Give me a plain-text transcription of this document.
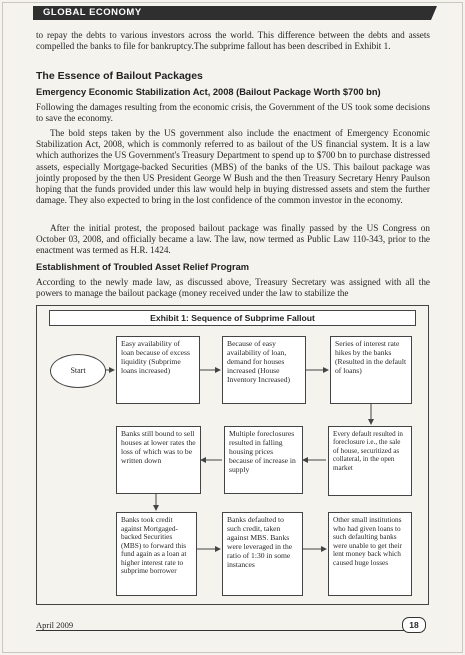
GLOBAL ECONOMY

to repay the debts to various investors across the world. This difference between the debts and assets compelled the banks to file for bankruptcy.The subprime fallout has been described in Exhibit 1.

The Essence of Bailout Packages
Emergency Economic Stabilization Act, 2008 (Bailout Package Worth $700 bn)

Following the damages resulting from the economic crisis, the Government of the US took some decisions to save the economy.

The bold steps taken by the US government also include the enactment of Emergency Economic Stabilization Act, 2008, which is commonly referred to as bailout of the US financial system. It is a law which authorizes the US Government's Treasury Department to spend up to $700 bn to purchase distressed assets, especially Mortgage-backed Securities (MBS) of the banks of the US. This bailout package was jointly proposed by the then US President George W Bush and the then Treasury Secretary Henry Paulson hoping that the funds provided under this law would help in buying distressed assets and stem the further damage. They also expected to bring in the lost confidence of the common investor in the economy.

After the initial protest, the proposed bailout package was finally passed by the US Congress on October 03, 2008, and officially became a law. The law, now termed as Public Law 110-343, prior to the enactment was termed as H.R. 1424.

Establishment of Troubled Asset Relief Program

According to the newly made law, as discussed above, Treasury Secretary was assigned with all the powers to manage the bailout package (money received under the law to stabilize the

Exhibit 1: Sequence of Subprime Fallout
Start
Easy availability of loan because of excess liquidity (Subprime loans increased)
Because of easy availability of loan, demand for houses increased (House Inventory Increased)
Series of interest rate hikes by the banks (Resulted in the default of loans)
Every default resulted in foreclosure i.e., the sale of house, securitized as collateral, in the open market
Multiple foreclosures resulted in falling housing prices because of increase in supply
Banks still bound to sell houses at lower rates the loss of which was to be written down
Banks took credit against Mortgaged-backed Securities (MBS) to forward this fund again as a loan at higher interest rate to subprime borrower
Banks defaulted to such credit, taken against MBS. Banks were leveraged in the ratio of 1:30 in some instances
Other small institutions who had given loans to such defaulting banks were unable to get their lent money back which caused huge losses
April 2009	18
